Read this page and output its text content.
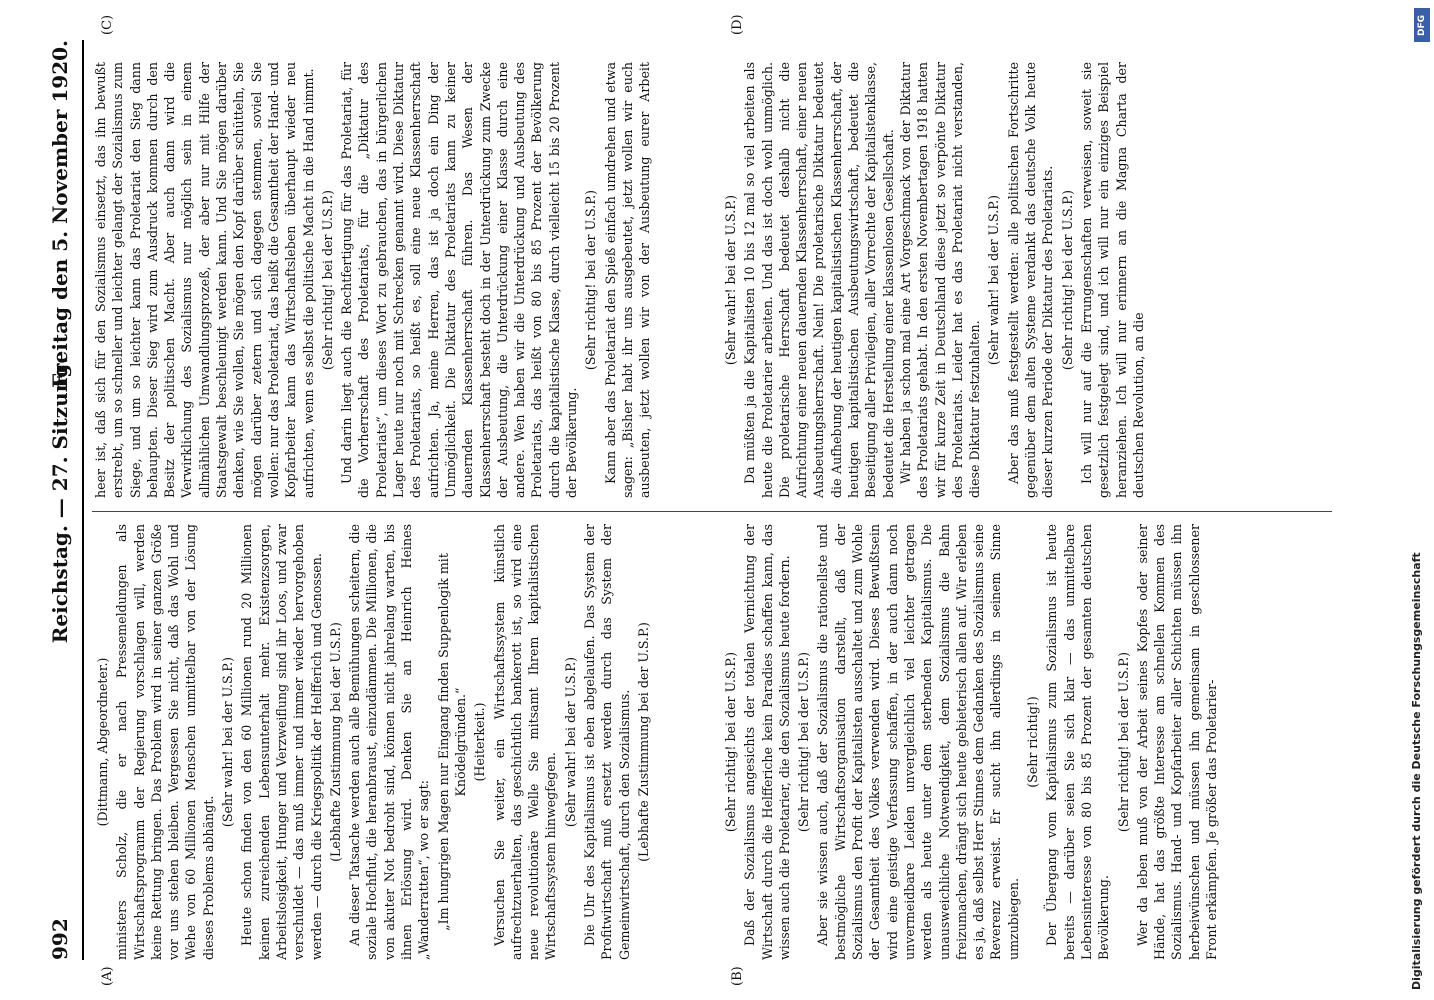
992
Reichstag. — 27. Sitzung.
Freitag den 5. November 1920.
(A)	(B)
(C)	(D)

(Dittmann, Abgeordneter.) ministers Scholz, die er nach Pressemeldungen als Wirtschaftsprogramm der Regierung vorschlagen will, werden keine Rettung bringen. Das Problem wird in seiner ganzen Größe vor uns stehen bleiben. Vergessen Sie nicht, daß das Wohl und Wehe von 60 Millionen Menschen unmittelbar von der Lösung dieses Problems abhängt.

(Sehr wahr! bei der U.S.P.) Heute schon finden von den 60 Millionen rund 20 Millionen keinen zureichenden Lebensunterhalt mehr. Existenzsorgen, Arbeitslosigkeit, Hunger und Verzweiflung sind ihr Loos, und zwar verschuldet — das muß immer und immer wieder hervorgehoben werden — durch die Kriegspolitik der Helfferich und Genossen. (Lebhafte Zustimmung bei der U.S.P.) An dieser Tatsache werden auch alle Bemühungen scheitern, die soziale Hochflut, die heranbraust, einzudämmen. Die Millionen, die von akuter Not bedroht sind, können nicht jahrelang warten, bis ihnen Erlösung wird. Denken Sie an Heinrich Heines „Wanderratten“, wo er sagt: „Im hungrigen Magen nur Eingang finden Suppenlogik mit Knödelgründen.“ (Heiterkeit.) Versuchen Sie weiter, ein Wirtschaftssystem künstlich aufrechtzuerhalten, das geschichtlich bankerott ist, so wird eine neue revolutionäre Welle Sie mitsamt Ihrem kapitalistischen Wirtschaftssystem hinwegfegen.

(Sehr wahr! bei der U.S.P.) Die Uhr des Kapitalismus ist eben abgelaufen. Das System der Profitwirtschaft muß ersetzt werden durch das System der Gemeinwirtschaft, durch den Sozialismus. (Lebhafte Zustimmung bei der U.S.P.)	(Sehr richtig! bei der U.S.P.) Daß der Sozialismus angesichts der totalen Vernichtung der Wirtschaft durch die Helfferiche kein Paradies schaffen kann, das wissen auch die Proletarier, die den Sozialismus heute fordern. (Sehr richtig! bei der U.S.P.) Aber sie wissen auch, daß der Sozialismus die rationellste und bestmögliche Wirtschaftsorganisation darstellt, daß der Sozialismus den Profit der Kapitalisten ausschaltet und zum Wohle der Gesamtheit des Volkes verwenden wird. Dieses Bewußtsein wird eine geistige Verfassung schaffen, in der auch dann noch unvermeidbare Leiden unvergleichlich viel leichter getragen werden als heute unter dem sterbenden Kapitalismus. Die unausweichliche Notwendigkeit, dem Sozialismus die Bahn freizumachen, drängt sich heute gebieterisch allen auf. Wir erleben es ja, daß selbst Herr Stinnes dem Gedanken des Sozialismus seine Reverenz erweist. Er sucht ihn allerdings in seinem Sinne umzubiegen.

(Sehr richtig!) Der Übergang vom Kapitalismus zum Sozialismus ist heute bereits — darüber seien Sie sich klar — das unmittelbare Lebensinteresse von 80 bis 85 Prozent der gesamten deutschen Bevölkerung.

(Sehr richtig! bei der U.S.P.) Wer da leben muß von der Arbeit seines Kopfes oder seiner Hände, hat das größte Interesse am schnellen Kommen des Sozialismus. Hand- und Kopfarbeiter aller Schichten müssen ihn herbeiwünschen und müssen ihn gemeinsam in geschlossener Front erkämpfen. Je größer das Proletarier-

heer ist, daß sich für den Sozialismus einsetzt, das ihn bewußt erstrebt, um so schneller und leichter gelangt der Sozialismus zum Siege, und um so leichter kann das Proletariat den Sieg dann behaupten. Dieser Sieg wird zum Ausdruck kommen durch den Besitz der politischen Macht. Aber auch dann wird die Verwirklichung des Sozialismus nur möglich sein in einem allmählichen Umwandlungsprozeß, der aber nur mit Hilfe der Staatsgewalt beschleunigt werden kann. Und Sie mögen darüber denken, wie Sie wollen, Sie mögen den Kopf darüber schütteln, Sie mögen darüber zetern und sich dagegen stemmen, soviel Sie wollen: nur das Proletariat, das heißt die Gesamtheit der Hand- und Kopfarbeiter kann das Wirtschaftsleben überhaupt wieder neu aufrichten, wenn es selbst die politische Macht in die Hand nimmt. (Sehr richtig! bei der U.S.P.) Und darin liegt auch die Rechtfertigung für das Proletariat, für die Vorherrschaft des Proletariats, für die „Diktatur des Proletariats“, um dieses Wort zu gebrauchen, das in bürgerlichen Lager heute nur noch mit Schrecken genannt wird. Diese Diktatur des Proletariats, so heißt es, soll eine neue Klassenherrschaft aufrichten. Ja, meine Herren, das ist ja doch ein Ding der Unmöglichkeit. Die Diktatur des Proletariats kann zu keiner dauernden Klassenherrschaft führen. Das Wesen der Klassenherrschaft besteht doch in der Unterdrückung zum Zwecke der Ausbeutung, die Unterdrückung einer Klasse durch eine andere. Wen haben wir die Unterdrückung und Ausbeutung des Proletariats, das heißt von 80 bis 85 Prozent der Bevölkerung durch die kapitalistische Klasse, durch vielleicht 15 bis 20 Prozent der Bevölkerung.

(Sehr richtig! bei der U.S.P.)

Kann aber das Proletariat den Spieß einfach umdrehen und etwa sagen: „Bisher habt ihr uns ausgebeutet, jetzt wollen wir euch ausbeuten, jetzt wollen wir von der Ausbeutung eurer Arbeit

(Sehr wahr! bei der U.S.P.) Da müßten ja die Kapitalisten 10 bis 12 mal so viel arbeiten als heute die Proletarier arbeiten. Und das ist doch wohl unmöglich. Die proletarische Herrschaft bedeutet deshalb nicht die Aufrichtung einer neuen dauernden Klassenherrschaft, einer neuen Ausbeutungsherrschaft. Nein! Die proletarische Diktatur bedeutet die Aufhebung der heutigen kapitalistischen Klassenherrschaft, der heutigen kapitalistischen Ausbeutungswirtschaft, bedeutet die Beseitigung aller Privilegien, aller Vorrechte der Kapitalistenklasse, bedeutet die Herstellung einer klassenlosen Gesellschaft. Wir haben ja schon mal eine Art Vorgeschmack von der Diktatur des Proletariats gehabt. In den ersten Novembertagen 1918 hatten wir für kurze Zeit in Deutschland diese jetzt so verpönte Diktatur des Proletariats. Leider hat es das Proletariat nicht verstanden, diese Diktatur festzuhalten.

(Sehr wahr! bei der U.S.P.) Aber das muß festgestellt werden: alle politischen Fortschritte gegenüber dem alten Systeme verdankt das deutsche Volk heute dieser kurzen Periode der Diktatur des Proletariats. (Sehr richtig! bei der U.S.P.) Ich will nur auf die Errungenschaften verweisen, soweit sie gesetzlich festgelegt sind, und ich will nur ein einziges Beispiel heranziehen. Ich will nur erinnern an die Magna Charta der deutschen Revolution, an die

DFG
Digitalisierung gefördert durch die Deutsche Forschungsgemeinschaft
